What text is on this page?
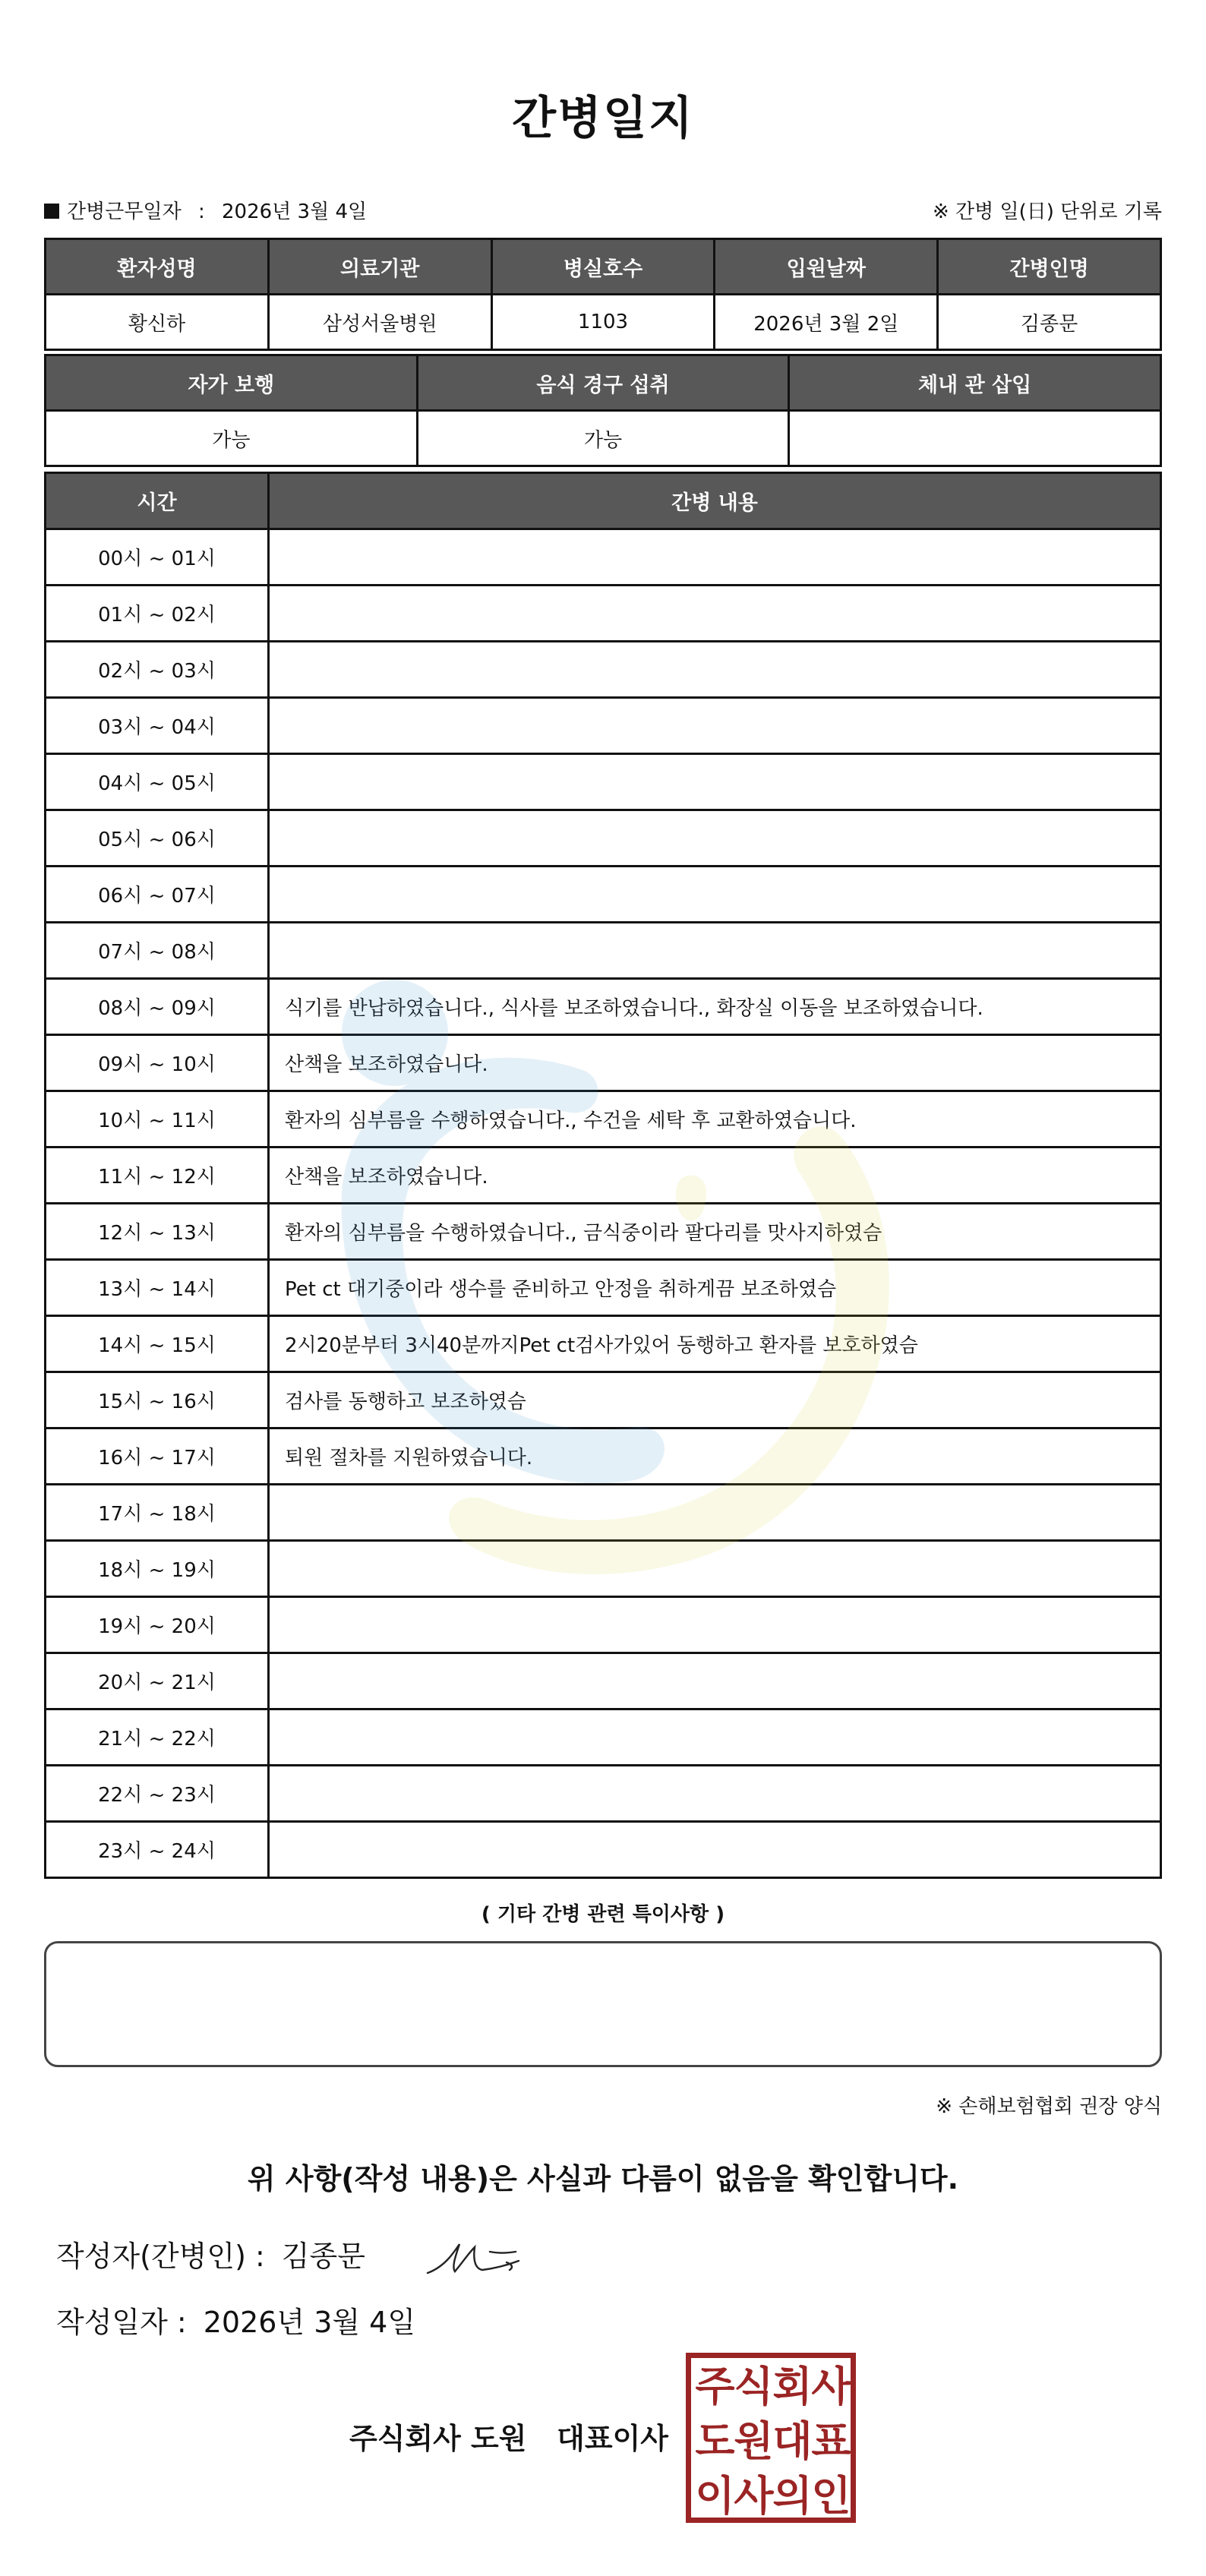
간병일지
간병근무일자 : 2026년 3월 4일	※ 간병 일(日) 단위로 기록
환자성명	의료기관	병실호수	입원날짜	간병인명
황신하	삼성서울병원	1103	2026년 3월 2일	김종문
자가 보행	음식 경구 섭취	체내 관 삽입
가능	가능	
시간	간병 내용
00시 ~ 01시	
01시 ~ 02시	
02시 ~ 03시	
03시 ~ 04시	
04시 ~ 05시	
05시 ~ 06시	
06시 ~ 07시	
07시 ~ 08시	
08시 ~ 09시	식기를 반납하였습니다., 식사를 보조하였습니다., 화장실 이동을 보조하였습니다.
09시 ~ 10시	산책을 보조하였습니다.
10시 ~ 11시	환자의 심부름을 수행하였습니다., 수건을 세탁 후 교환하였습니다.
11시 ~ 12시	산책을 보조하였습니다.
12시 ~ 13시	환자의 심부름을 수행하였습니다., 금식중이라 팔다리를 맛사지하였슴
13시 ~ 14시	Pet ct 대기중이라 생수를 준비하고 안정을 취하게끔 보조하였슴
14시 ~ 15시	2시20분부터 3시40분까지Pet ct검사가있어 동행하고 환자를 보호하였슴
15시 ~ 16시	검사를 동행하고 보조하였슴
16시 ~ 17시	퇴원 절차를 지원하였습니다.
17시 ~ 18시	
18시 ~ 19시	
19시 ~ 20시	
20시 ~ 21시	
21시 ~ 22시	
22시 ~ 23시	
23시 ~ 24시	
( 기타 간병 관련 특이사항 )
※ 손해보험협회 권장 양식
위 사항(작성 내용)은 사실과 다름이 없음을 확인합니다.
작성자(간병인) : 김종문
작성일자 : 2026년 3월 4일
주식회사 도원   대표이사
주 식 회 사
도 원 대 표
이 사 의 인
